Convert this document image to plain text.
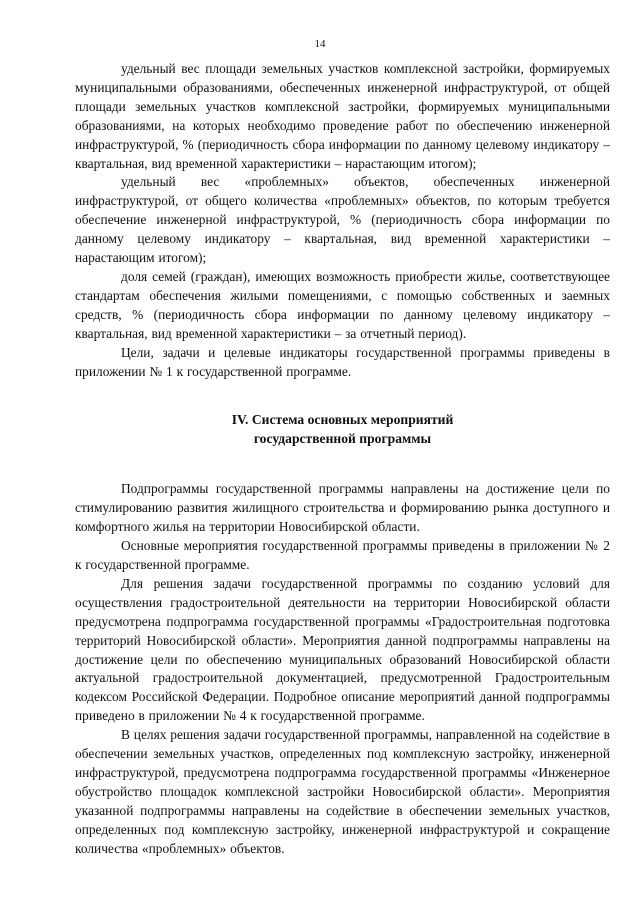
14

удельный вес площади земельных участков комплексной застройки, формируемых муниципальными образованиями, обеспеченных инженерной инфраструктурой, от общей площади земельных участков комплексной застройки, формируемых муниципальными образованиями, на которых необходимо проведение работ по обеспечению инженерной инфраструктурой, % (периодичность сбора информации по данному целевому индикатору – квартальная, вид временной характеристики – нарастающим итогом);

удельный вес «проблемных» объектов, обеспеченных инженерной инфраструктурой, от общего количества «проблемных» объектов, по которым требуется обеспечение инженерной инфраструктурой, % (периодичность сбора информации по данному целевому индикатору – квартальная, вид временной характеристики – нарастающим итогом);

доля семей (граждан), имеющих возможность приобрести жилье, соответствующее стандартам обеспечения жилыми помещениями, с помощью собственных и заемных средств, % (периодичность сбора информации по данному целевому индикатору – квартальная, вид временной характеристики – за отчетный период).

Цели, задачи и целевые индикаторы государственной программы приведены в приложении № 1 к государственной программе.

IV. Система основных мероприятий
государственной программы

Подпрограммы государственной программы направлены на достижение цели по стимулированию развития жилищного строительства и формированию рынка доступного и комфортного жилья на территории Новосибирской области.

Основные мероприятия государственной программы приведены в приложении № 2 к государственной программе.

Для решения задачи государственной программы по созданию условий для осуществления градостроительной деятельности на территории Новосибирской области предусмотрена подпрограмма государственной программы «Градостроительная подготовка территорий Новосибирской области». Мероприятия данной подпрограммы направлены на достижение цели по обеспечению муниципальных образований Новосибирской области актуальной градостроительной документацией, предусмотренной Градостроительным кодексом Российской Федерации. Подробное описание мероприятий данной подпрограммы приведено в приложении № 4 к государственной программе.

В целях решения задачи государственной программы, направленной на содействие в обеспечении земельных участков, определенных под комплексную застройку, инженерной инфраструктурой, предусмотрена подпрограмма государственной программы «Инженерное обустройство площадок комплексной застройки Новосибирской области». Мероприятия указанной подпрограммы направлены на содействие в обеспечении земельных участков, определенных под комплексную застройку, инженерной инфраструктурой и сокращение количества «проблемных» объектов.
